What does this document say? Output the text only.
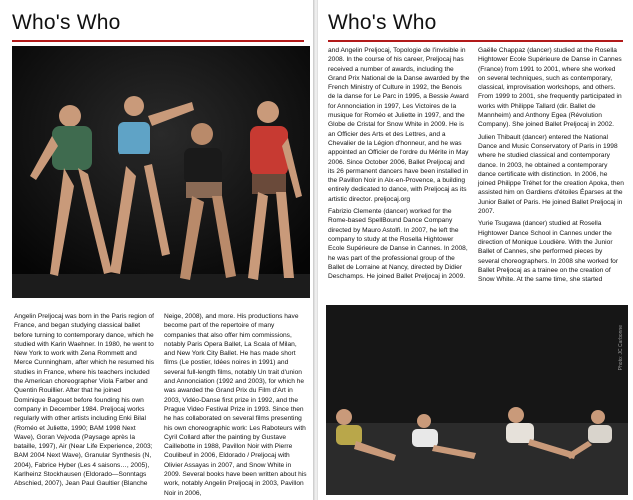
Who's Who

Angelin Preljocaj was born in the Paris region of France, and began studying classical ballet before turning to contemporary dance, which he studied with Karin Waehner. In 1980, he went to New York to work with Zena Rommett and Merce Cunningham, after which he resumed his studies in France, where his teachers included the American choreographer Viola Farber and Quentin Rouillier. After that he joined Dominique Bagouet before founding his own company in December 1984. Preljocaj works regularly with other artists including Enki Bilal (Roméo et Juliette, 1990; BAM 1998 Next Wave), Goran Vejvoda (Paysage après la bataille, 1997), Air (Near Life Experience, 2003; BAM 2004 Next Wave), Granular Synthesis (N, 2004), Fabrice Hyber (Les 4 saisons…, 2005), Karlheinz Stockhausen (Eldorado—Sonntags Abschied, 2007), Jean Paul Gaultier (Blanche

Neige, 2008), and more. His productions have become part of the repertoire of many companies that also offer him commissions, notably Paris Opera Ballet, La Scala of Milan, and New York City Ballet. He has made short films (Le postier, Idées noires in 1991) and several full-length films, notably Un trait d'union and Annonciation (1992 and 2003), for which he was awarded the Grand Prix du Film d'Art in 2003, Vidéo-Danse first prize in 1992, and the Prague Video Festival Prize in 1993. Since then he has collaborated on several films presenting his own choreographic work: Les Raboteurs with Cyril Collard after the painting by Gustave Caillebotte in 1988, Pavillon Noir with Pierre Coulibeuf in 2006, Eldorado / Preljocaj with Olivier Assayas in 2007, and Snow White in 2009. Several books have been written about his work, notably Angelin Preljocaj in 2003, Pavillon Noir in 2006,

Who's Who

and Angelin Preljocaj, Topologie de l'invisible in 2008. In the course of his career, Preljocaj has received a number of awards, including the Grand Prix National de la Danse awarded by the French Ministry of Culture in 1992, the Benois de la danse for Le Parc in 1995, a Bessie Award for Annonciation in 1997, Les Victoires de la musique for Roméo et Juliette in 1997, and the Globe de Cristal for Snow White in 2009. He is an Officier des Arts et des Lettres, and a Chevalier de la Légion d'honneur, and he was appointed an Officier de l'ordre du Mérite in May 2006. Since October 2006, Ballet Preljocaj and its 26 permanent dancers have been installed in the Pavillon Noir in Aix-en-Provence, a building entirely dedicated to dance, with Preljocaj as its artistic director. preljocaj.org

Fabrizio Clemente (dancer) worked for the Rome-based SpellBound Dance Company directed by Mauro Astolfi. In 2007, he left the company to study at the Rosella Hightower Ecole Supérieure de Danse in Cannes. In 2008, he was part of the professional group of the Ballet de Lorraine at Nancy, directed by Didier Deschamps. He joined Ballet Preljocaj in 2009.

Gaëlle Chappaz (dancer) studied at the Rosella Hightower Ecole Supérieure de Danse in Cannes (France) from 1991 to 2001, where she worked on several techniques, such as contemporary, classical, improvisation workshops, and others. From 1999 to 2001, she frequently participated in works with Philippe Tallard (dir. Ballet de Mannheim) and Anthony Egea (Révolution Company). She joined Ballet Preljocaj in 2002.

Julien Thibault (dancer) entered the National Dance and Music Conservatory of Paris in 1998 where he studied classical and contemporary dance. In 2003, he obtained a contemporary dance certificate with distinction. In 2006, he joined Philippe Tréhet for the creation Apoka, then assisted him on Gardiens d'étoiles Éparses at the Junior Ballet of Paris. He joined Ballet Preljocaj in 2007.

Yurie Tsugawa (dancer) studied at Rosella Hightower Dance School in Cannes under the direction of Monique Loudière. With the Junior Ballet of Cannes, she performed pieces by several choreographers. In 2008 she worked for Ballet Preljocaj as a trainee on the creation of Snow White. At the same time, she started

Photo: JC Carbonne
